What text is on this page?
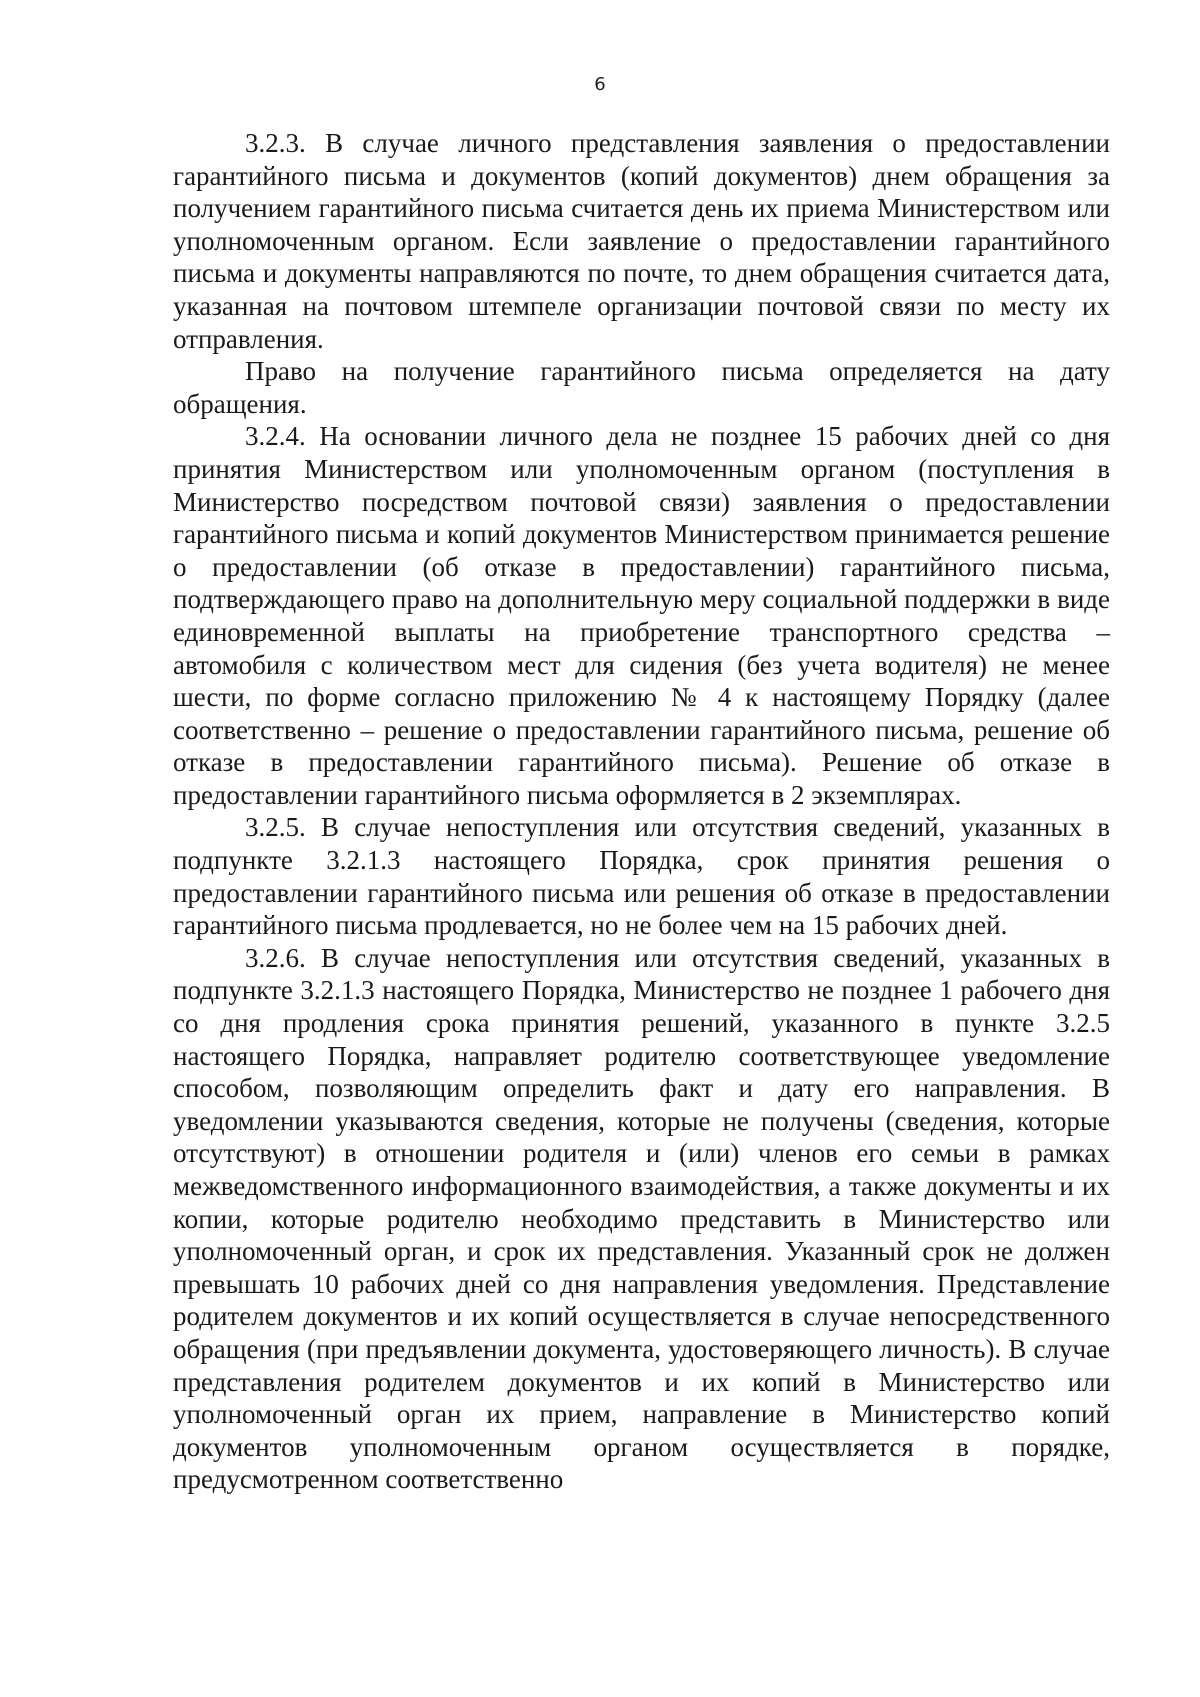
6

3.2.3. В случае личного представления заявления о предоставлении гарантийного письма и документов (копий документов) днем обращения за получением гарантийного письма считается день их приема Министерством или уполномоченным органом. Если заявление о предоставлении гарантийного письма и документы направляются по почте, то днем обращения считается дата, указанная на почтовом штемпеле организации почтовой связи по месту их отправления.

Право на получение гарантийного письма определяется на дату обращения.

3.2.4. На основании личного дела не позднее 15 рабочих дней со дня принятия Министерством или уполномоченным органом (поступления в Министерство посредством почтовой связи) заявления о предоставлении гарантийного письма и копий документов Министерством принимается решение о предоставлении (об отказе в предоставлении) гарантийного письма, подтверждающего право на дополнительную меру социальной поддержки в виде единовременной выплаты на приобретение транспортного средства – автомобиля с количеством мест для сидения (без учета водителя) не менее шести, по форме согласно приложению № 4 к настоящему Порядку (далее соответственно – решение о предоставлении гарантийного письма, решение об отказе в предоставлении гарантийного письма). Решение об отказе в предоставлении гарантийного письма оформляется в 2 экземплярах.

3.2.5. В случае непоступления или отсутствия сведений, указанных в подпункте 3.2.1.3 настоящего Порядка, срок принятия решения о предоставлении гарантийного письма или решения об отказе в предоставлении гарантийного письма продлевается, но не более чем на 15 рабочих дней.

3.2.6. В случае непоступления или отсутствия сведений, указанных в подпункте 3.2.1.3 настоящего Порядка, Министерство не позднее 1 рабочего дня со дня продления срока принятия решений, указанного в пункте 3.2.5 настоящего Порядка, направляет родителю соответствующее уведомление способом, позволяющим определить факт и дату его направления. В уведомлении указываются сведения, которые не получены (сведения, которые отсутствуют) в отношении родителя и (или) членов его семьи в рамках межведомственного информационного взаимодействия, а также документы и их копии, которые родителю необходимо представить в Министерство или уполномоченный орган, и срок их представления. Указанный срок не должен превышать 10 рабочих дней со дня направления уведомления. Представление родителем документов и их копий осуществляется в случае непосредственного обращения (при предъявлении документа, удостоверяющего личность). В случае представления родителем документов и их копий в Министерство или уполномоченный орган их прием, направление в Министерство копий документов уполномоченным органом осуществляется в порядке, предусмотренном соответственно
